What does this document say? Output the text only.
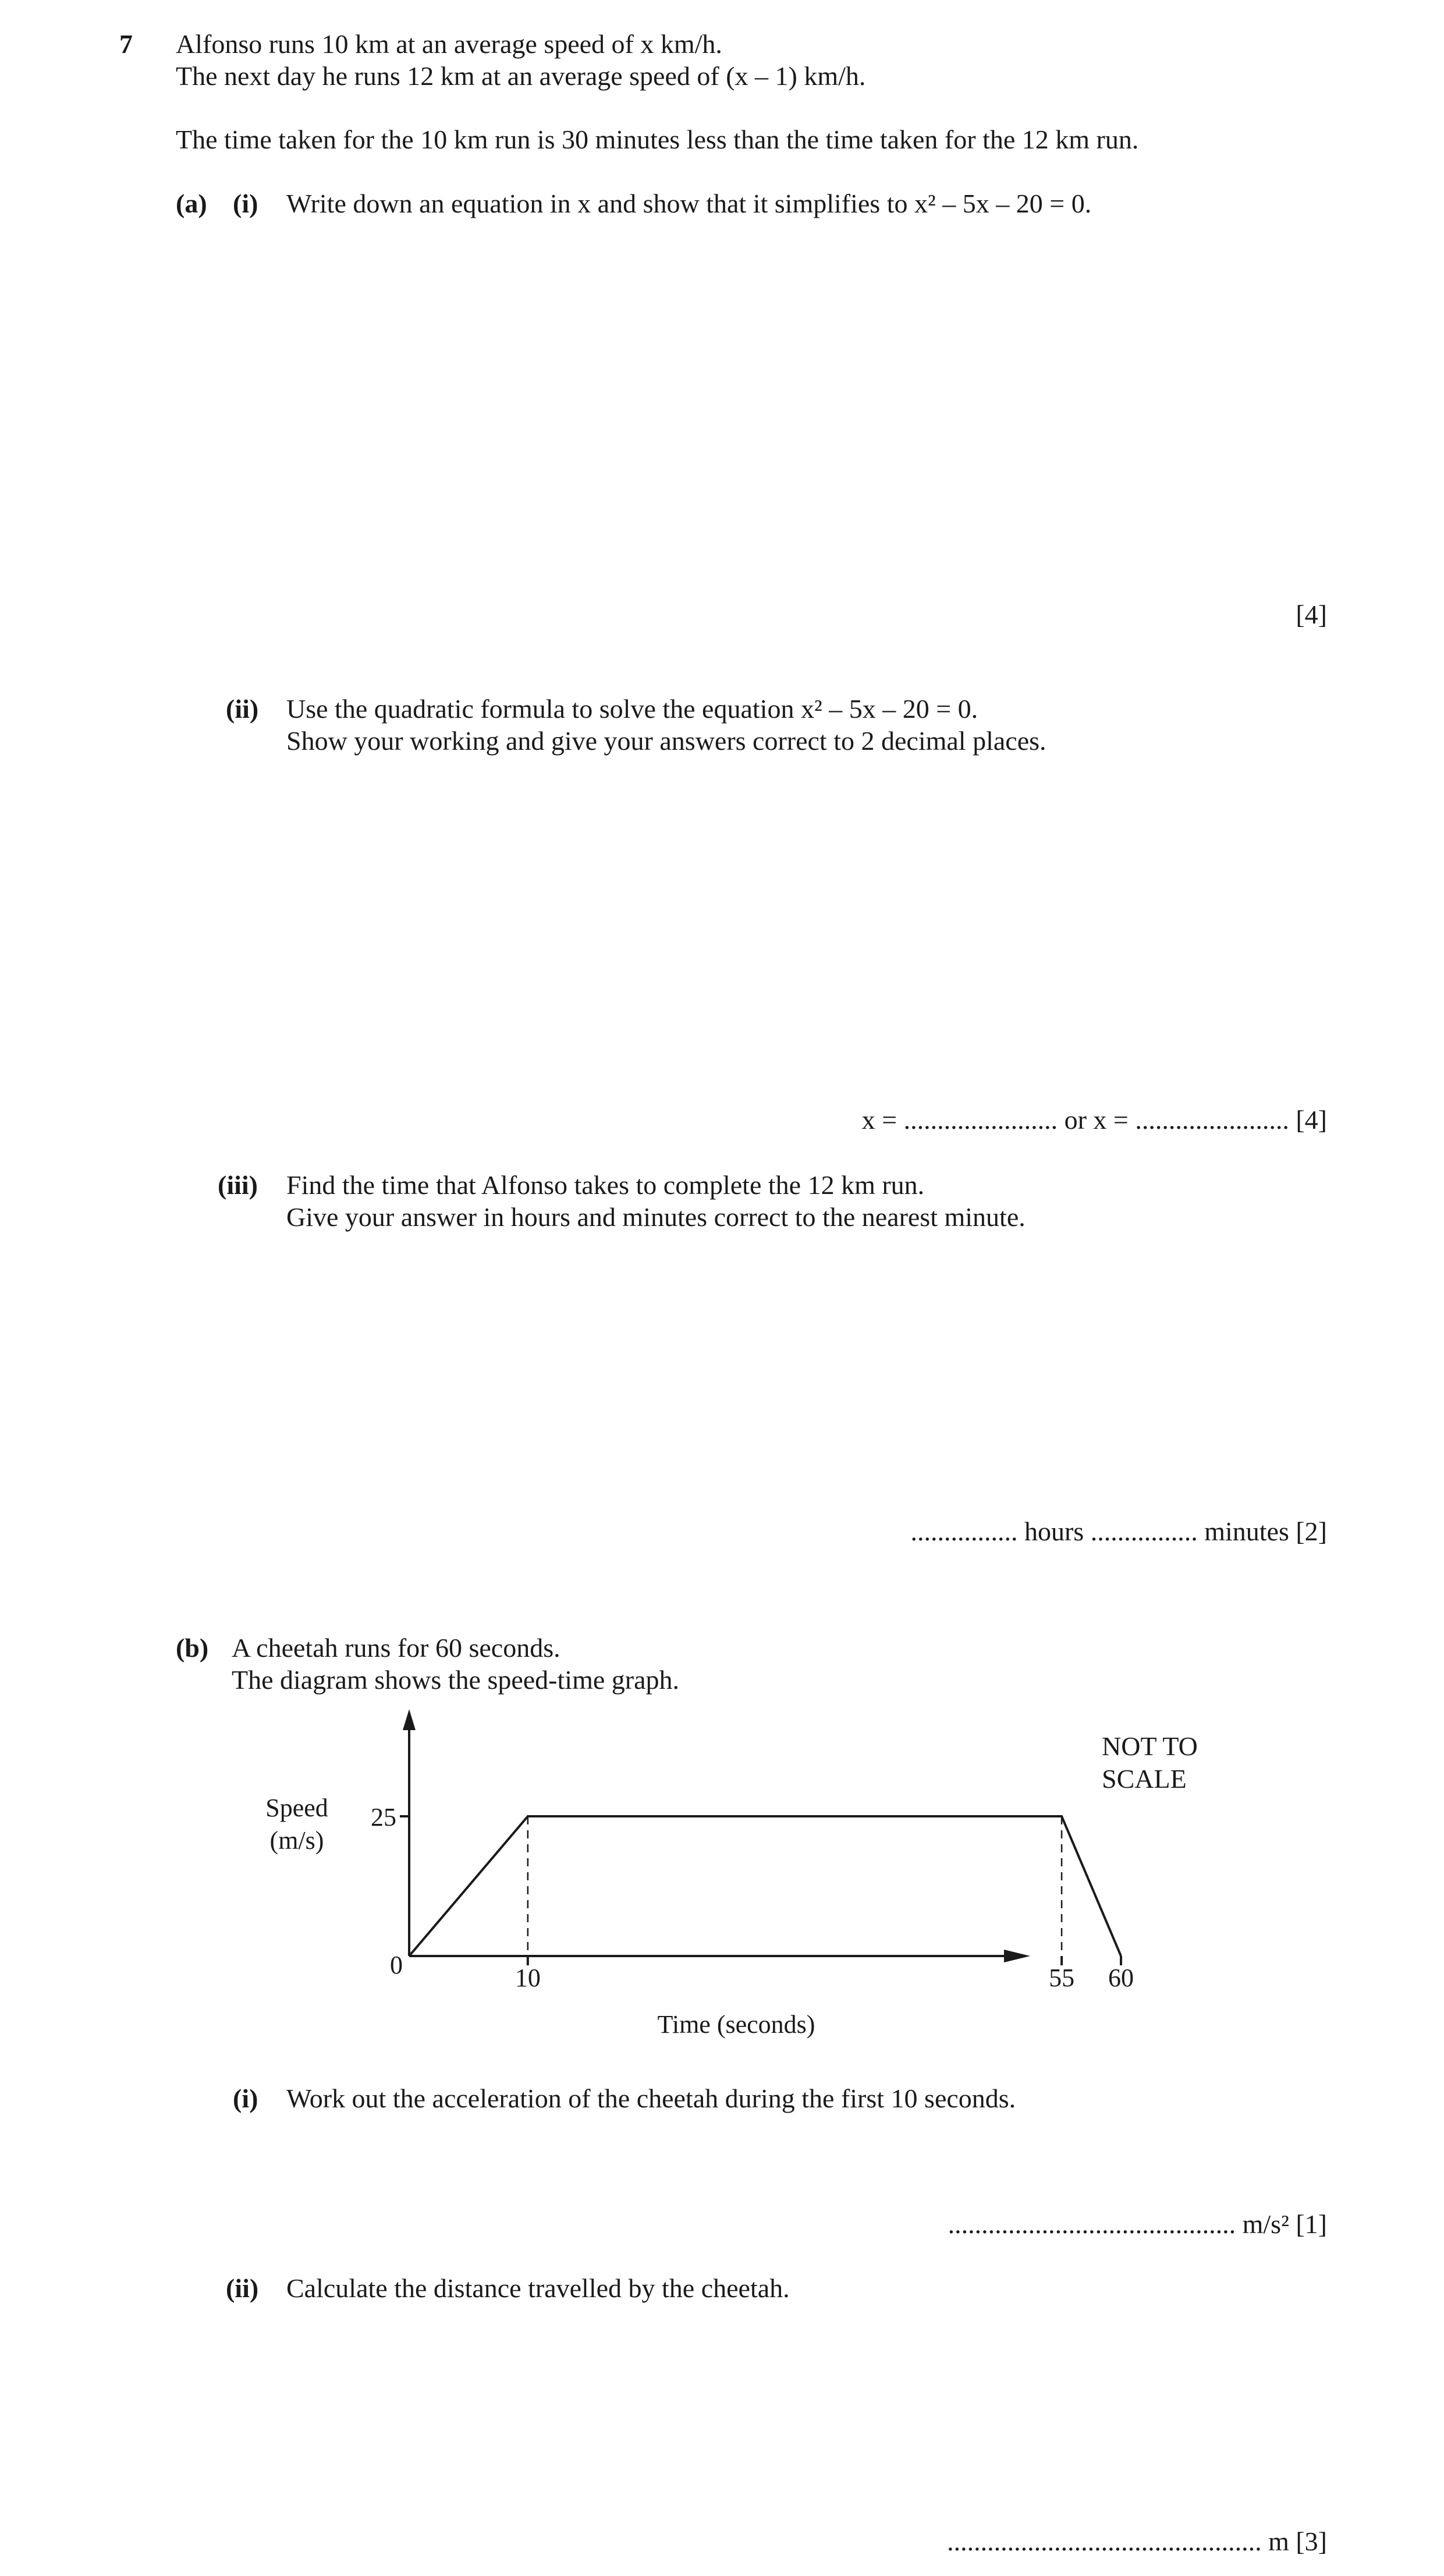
7 Alfonso runs 10 km at an average speed of x km/h.
The next day he runs 12 km at an average speed of (x – 1) km/h.
The time taken for the 10 km run is 30 minutes less than the time taken for the 12 km run.
(a) (i) Write down an equation in x and show that it simplifies to x² – 5x – 20 = 0.
[4]
(ii) Use the quadratic formula to solve the equation x² – 5x – 20 = 0.
Show your working and give your answers correct to 2 decimal places.
x = ....................... or x = ....................... [4]
(iii) Find the time that Alfonso takes to complete the 12 km run.
Give your answer in hours and minutes correct to the nearest minute.
................ hours ................ minutes [2]
(b) A cheetah runs for 60 seconds.
The diagram shows the speed-time graph.
NOT TO
SCALE
25
10	55 60
0
Speed
(m/s)
Time (seconds)
(i) Work out the acceleration of the cheetah during the first 10 seconds.
........................................... m/s² [1]
(ii) Calculate the distance travelled by the cheetah.
............................................... m [3]
